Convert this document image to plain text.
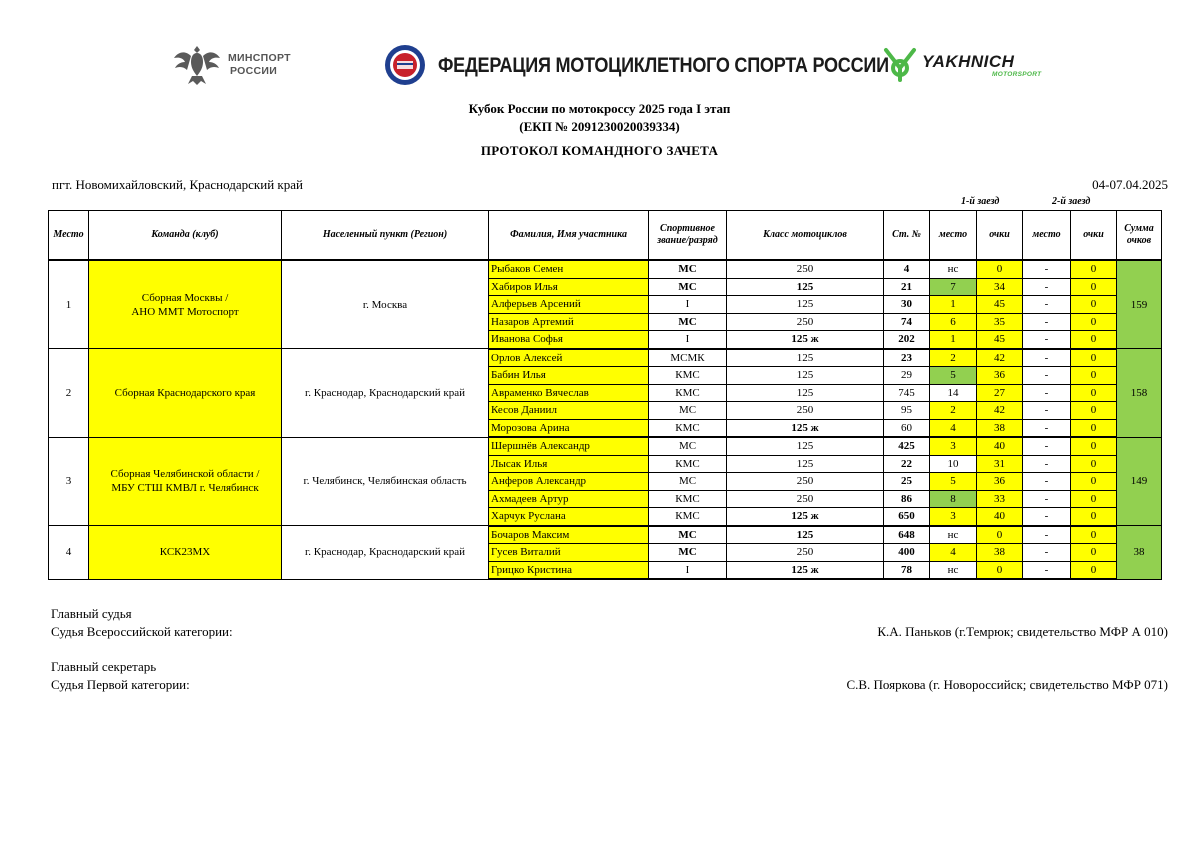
МИНСПОРТ
РОССИИ	ФЕДЕРАЦИЯ МОТОЦИКЛЕТНОГО СПОРТА РОССИИ YAKHNICH
MOTORSPORT
Кубок России по мотокроссу 2025 года I этап
(ЕКП № 2091230020039334)
ПРОТОКОЛ КОМАНДНОГО ЗАЧЕТА
пгт. Новомихайловский, Краснодарский край	04-07.04.2025
1-й заезд	2-й заезд
Место	Команда (клуб)	Населенный пункт (Регион)	Фамилия, Имя участника	Спортивное звание/разряд	Класс мотоциклов	Ст. №	место	очки	место	очки	Сумма очков
1	Сборная Москвы /
АНО ММТ Мотоспорт	г. Москва	Рыбаков Семен	МС	250	4	нс	0	-	0	159
			Хабиров Илья	МС	125	21	7	34	-	0	
			Алферьев Арсений	I	125	30	1	45	-	0	
			Назаров Артемий	МС	250	74	6	35	-	0	
			Иванова Софья	I	125 ж	202	1	45	-	0	
2	Сборная Краснодарского края	г. Краснодар, Краснодарский край	Орлов Алексей	МСМК	125	23	2	42	-	0	158
			Бабин Илья	КМС	125	29	5	36	-	0	
			Авраменко Вячеслав	КМС	125	745	14	27	-	0	
			Кесов Даниил	МС	250	95	2	42	-	0	
			Морозова Арина	КМС	125 ж	60	4	38	-	0	
3	Сборная Челябинской области /
МБУ СТШ КМВЛ г. Челябинск	г. Челябинск, Челябинская область	Шершнёв Александр	МС	125	425	3	40	-	0	149
			Лысак Илья	КМС	125	22	10	31	-	0	
			Анферов Александр	МС	250	25	5	36	-	0	
			Ахмадеев Артур	КМС	250	86	8	33	-	0	
			Харчук Руслана	КМС	125 ж	650	3	40	-	0	
4	КСК23МХ	г. Краснодар, Краснодарский край	Бочаров Максим	МС	125	648	нс	0	-	0	38
			Гусев Виталий	МС	250	400	4	38	-	0	
			Грицко Кристина	I	125 ж	78	нс	0	-	0	
Главный судья
Судья Всероссийской категории:	К.А. Паньков (г.Темрюк; свидетельство МФР А 010)
Главный секретарь
Судья Первой категории:	С.В. Пояркова (г. Новороссийск; свидетельство МФР 071)
